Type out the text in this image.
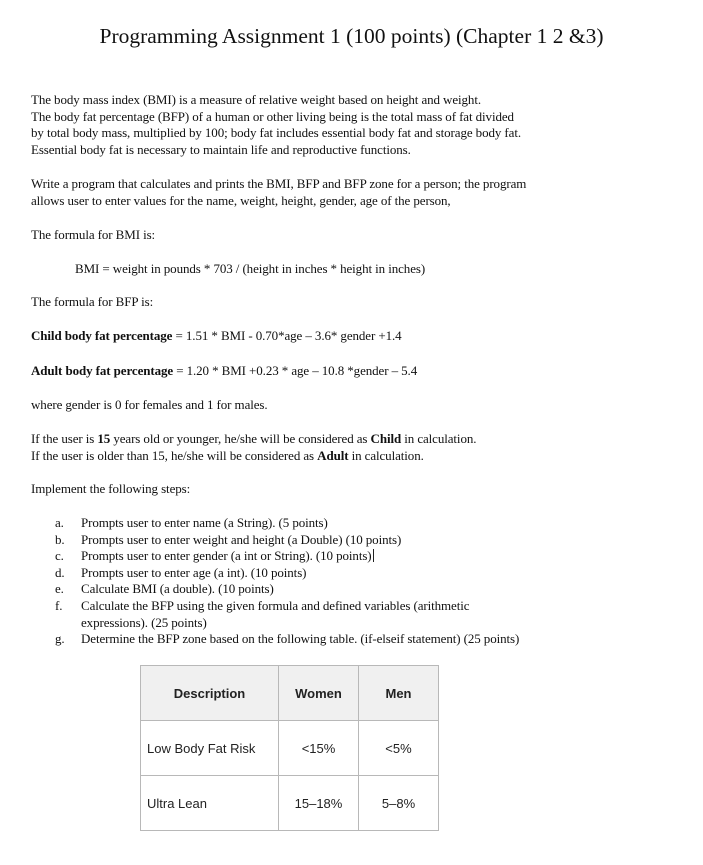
Programming Assignment 1 (100 points) (Chapter 1 2 &3)
The body mass index (BMI) is a measure of relative weight based on height and weight.
The body fat percentage (BFP) of a human or other living being is the total mass of fat divided
by total body mass, multiplied by 100; body fat includes essential body fat and storage body fat.
Essential body fat is necessary to maintain life and reproductive functions.
Write a program that calculates and prints the BMI, BFP and BFP zone for a person; the program
allows user to enter values for the name, weight, height, gender, age of the person,
The formula for BMI is:
BMI = weight in pounds * 703 / (height in inches * height in inches)
The formula for BFP is:
Child body fat percentage = 1.51 * BMI - 0.70*age – 3.6* gender +1.4
Adult body fat percentage = 1.20 * BMI +0.23 * age – 10.8 *gender – 5.4
where gender is 0 for females and 1 for males.
If the user is 15 years old or younger, he/she will be considered as Child in calculation.
If the user is older than 15, he/she will be considered as Adult in calculation.
Implement the following steps:
a.	Prompts user to enter name (a String). (5 points)
b.	Prompts user to enter weight and height (a Double) (10 points)
c.	Prompts user to enter gender (a int or String). (10 points)
d.	Prompts user to enter age (a int). (10 points)
e.	Calculate BMI (a double). (10 points)
f.	Calculate the BFP using the given formula and defined variables (arithmetic
expressions). (25 points)
g.	Determine the BFP zone based on the following table. (if-elseif statement) (25 points)
Description	Women	Men
Low Body Fat Risk	<15%	<5%
Ultra Lean	15–18%	5–8%
